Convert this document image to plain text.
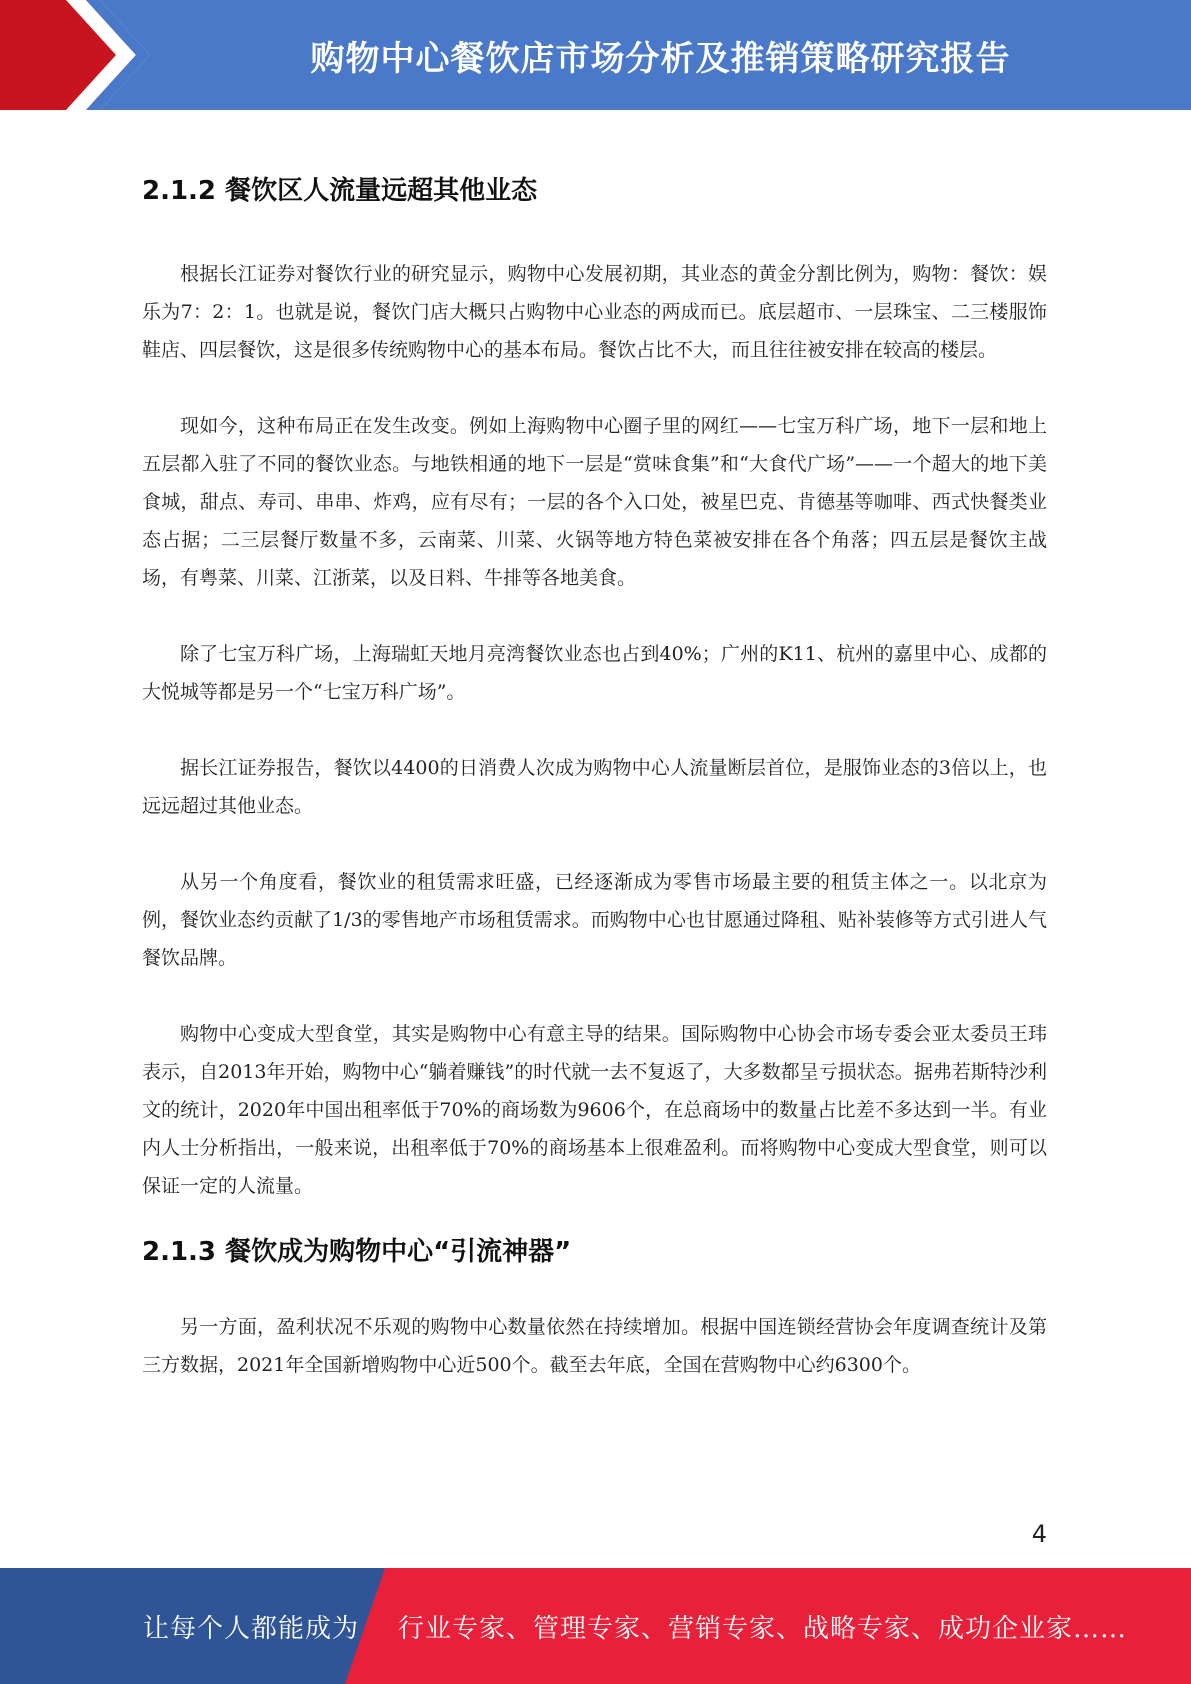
购物中心餐饮店市场分析及推销策略研究报告
2.1.2 餐饮区人流量远超其他业态

根据长江证券对餐饮行业的研究显示，购物中心发展初期，其业态的黄金分割比例为，购物：餐饮：娱乐为7：2：1。也就是说，餐饮门店大概只占购物中心业态的两成而已。底层超市、一层珠宝、二三楼服饰鞋店、四层餐饮，这是很多传统购物中心的基本布局。餐饮占比不大，而且往往被安排在较高的楼层。

现如今，这种布局正在发生改变。例如上海购物中心圈子里的网红——七宝万科广场，地下一层和地上五层都入驻了不同的餐饮业态。与地铁相通的地下一层是“赏味食集”和“大食代广场”——一个超大的地下美食城，甜点、寿司、串串、炸鸡，应有尽有；一层的各个入口处，被星巴克、肯德基等咖啡、西式快餐类业态占据；二三层餐厅数量不多，云南菜、川菜、火锅等地方特色菜被安排在各个角落；四五层是餐饮主战场，有粤菜、川菜、江浙菜，以及日料、牛排等各地美食。

除了七宝万科广场，上海瑞虹天地月亮湾餐饮业态也占到40%；广州的K11、杭州的嘉里中心、成都的大悦城等都是另一个“七宝万科广场”。

据长江证券报告，餐饮以4400的日消费人次成为购物中心人流量断层首位，是服饰业态的3倍以上，也远远超过其他业态。

从另一个角度看，餐饮业的租赁需求旺盛，已经逐渐成为零售市场最主要的租赁主体之一。以北京为例，餐饮业态约贡献了1/3的零售地产市场租赁需求。而购物中心也甘愿通过降租、贴补装修等方式引进人气餐饮品牌。

购物中心变成大型食堂，其实是购物中心有意主导的结果。国际购物中心协会市场专委会亚太委员王玮表示，自2013年开始，购物中心“躺着赚钱”的时代就一去不复返了，大多数都呈亏损状态。据弗若斯特沙利文的统计，2020年中国出租率低于70%的商场数为9606个，在总商场中的数量占比差不多达到一半。有业内人士分析指出，一般来说，出租率低于70%的商场基本上很难盈利。而将购物中心变成大型食堂，则可以保证一定的人流量。

2.1.3 餐饮成为购物中心“引流神器”

另一方面，盈利状况不乐观的购物中心数量依然在持续增加。根据中国连锁经营协会年度调查统计及第三方数据，2021年全国新增购物中心近500个。截至去年底，全国在营购物中心约6300个。

4
让每个人都能成为 行业专家、管理专家、营销专家、战略专家、成功企业家……
